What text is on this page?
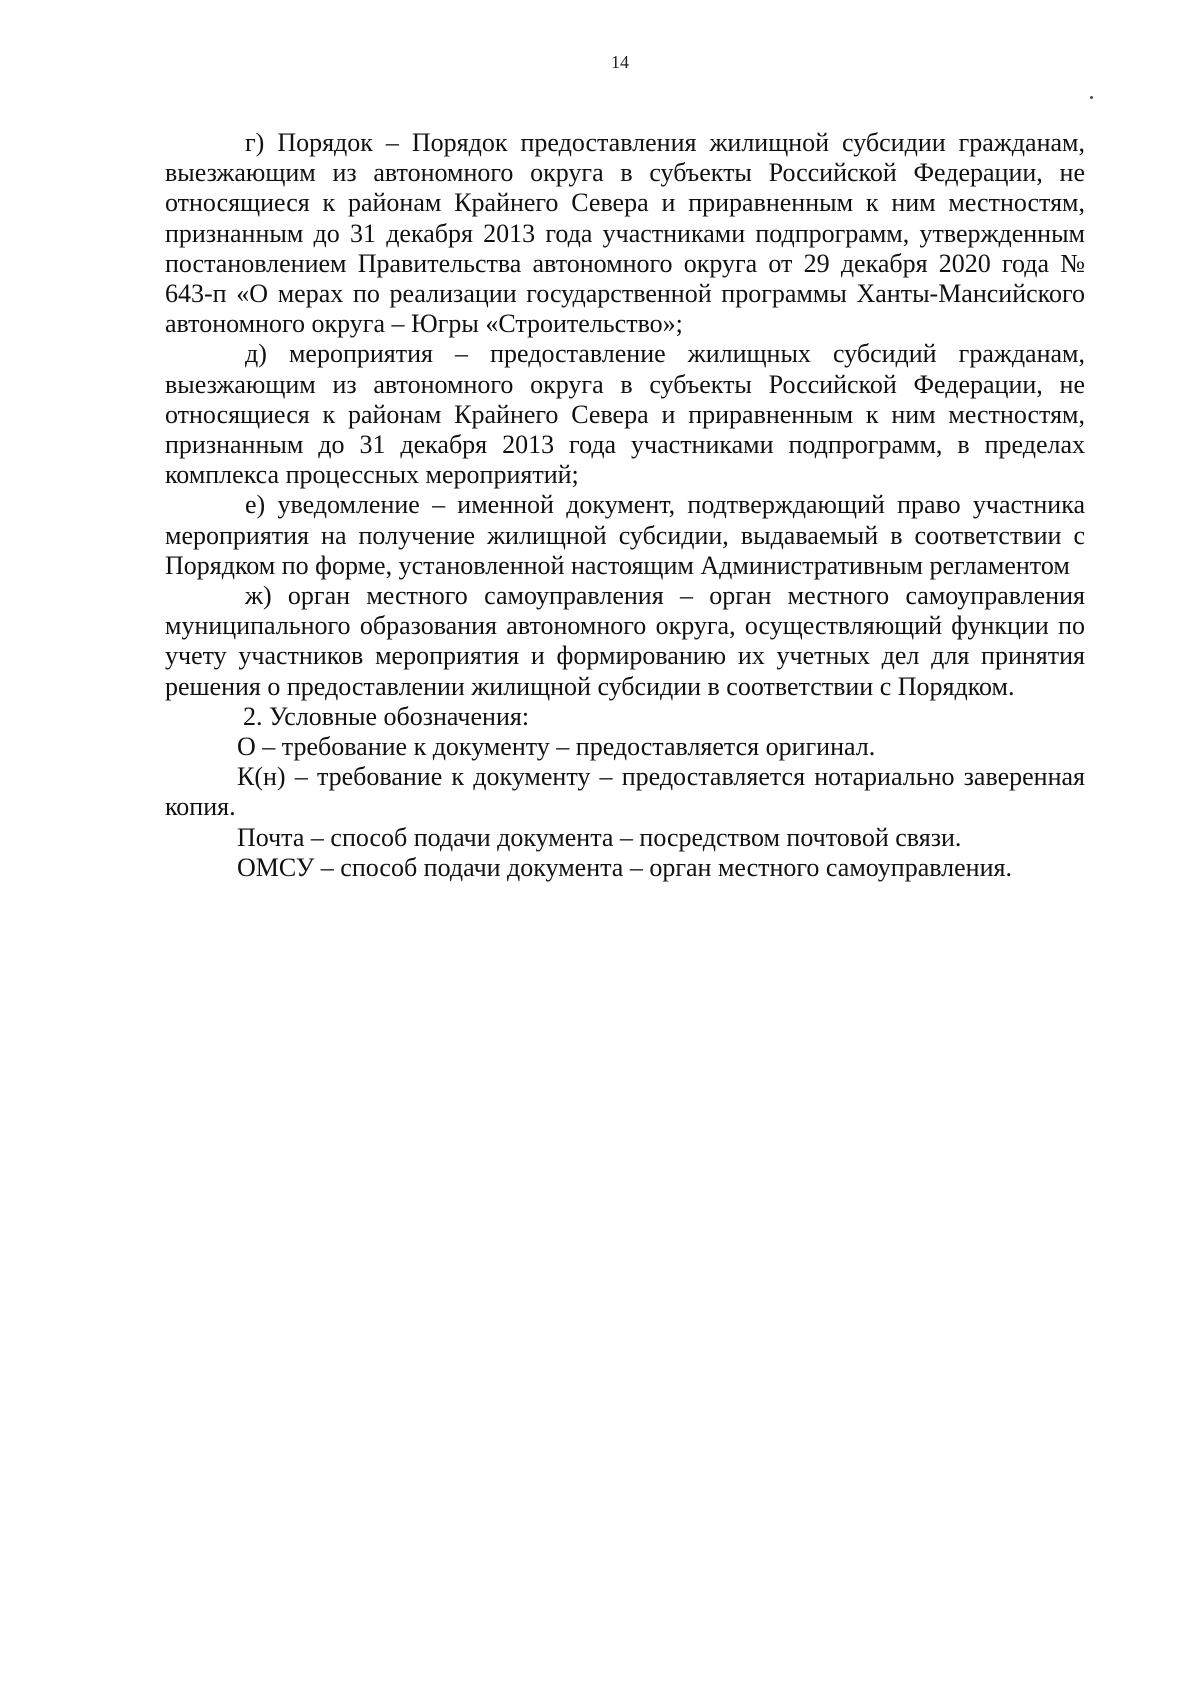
14

г) Порядок – Порядок предоставления жилищной субсидии гражданам, выезжающим из автономного округа в субъекты Российской Федерации, не относящиеся к районам Крайнего Севера и приравненным к ним местностям, признанным до 31 декабря 2013 года участниками подпрограмм, утвержденным постановлением Правительства автономного округа от 29 декабря 2020 года № 643-п «О мерах по реализации государственной программы Ханты-Мансийского автономного округа – Югры «Строительство»;

д) мероприятия – предоставление жилищных субсидий гражданам, выезжающим из автономного округа в субъекты Российской Федерации, не относящиеся к районам Крайнего Севера и приравненным к ним местностям, признанным до 31 декабря 2013 года участниками подпрограмм, в пределах комплекса процессных мероприятий;

е) уведомление – именной документ, подтверждающий право участника мероприятия на получение жилищной субсидии, выдаваемый в соответствии с Порядком по форме, установленной настоящим Административным регламентом

ж) орган местного самоуправления – орган местного самоуправления муниципального образования автономного округа, осуществляющий функции по учету участников мероприятия и формированию их учетных дел для принятия решения о предоставлении жилищной субсидии в соответствии с Порядком.

2. Условные обозначения:

О – требование к документу – предоставляется оригинал.

К(н) – требование к документу – предоставляется нотариально заверенная копия.

Почта – способ подачи документа – посредством почтовой связи.

ОМСУ – способ подачи документа – орган местного самоуправления.
